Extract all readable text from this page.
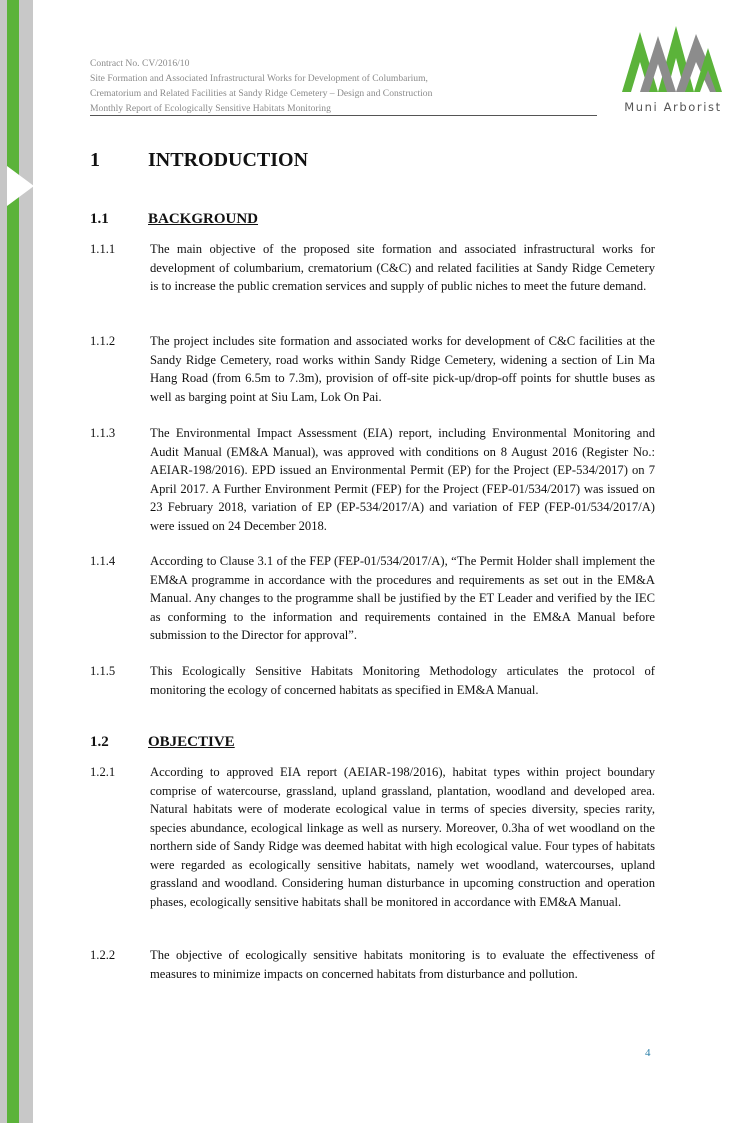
Contract No. CV/2016/10
Site Formation and Associated Infrastructural Works for Development of Columbarium,
Crematorium and Related Facilities at Sandy Ridge Cemetery – Design and Construction
Monthly Report of Ecologically Sensitive Habitats Monitoring	Muni Arborist
1 INTRODUCTION
1.1	BACKGROUND
1.1.1	The main objective of the proposed site formation and associated infrastructural works for development of columbarium, crematorium (C&C) and related facilities at Sandy Ridge Cemetery is to increase the public cremation services and supply of public niches to meet the future demand.
1.1.2	The project includes site formation and associated works for development of C&C facilities at the Sandy Ridge Cemetery, road works within Sandy Ridge Cemetery, widening a section of Lin Ma Hang Road (from 6.5m to 7.3m), provision of off-site pick-up/drop-off points for shuttle buses as well as barging point at Siu Lam, Lok On Pai.
1.1.3	The Environmental Impact Assessment (EIA) report, including Environmental Monitoring and Audit Manual (EM&A Manual), was approved with conditions on 8 August 2016 (Register No.: AEIAR-198/2016). EPD issued an Environmental Permit (EP) for the Project (EP-534/2017) on 7 April 2017. A Further Environment Permit (FEP) for the Project (FEP-01/534/2017) was issued on 23 February 2018, variation of EP (EP-534/2017/A) and variation of FEP (FEP-01/534/2017/A) were issued on 24 December 2018.
1.1.4	According to Clause 3.1 of the FEP (FEP-01/534/2017/A), “The Permit Holder shall implement the EM&A programme in accordance with the procedures and requirements as set out in the EM&A Manual. Any changes to the programme shall be justified by the ET Leader and verified by the IEC as conforming to the information and requirements contained in the EM&A Manual before submission to the Director for approval”.
1.1.5	This Ecologically Sensitive Habitats Monitoring Methodology articulates the protocol of monitoring the ecology of concerned habitats as specified in EM&A Manual.
1.2	OBJECTIVE
1.2.1	According to approved EIA report (AEIAR-198/2016), habitat types within project boundary comprise of watercourse, grassland, upland grassland, plantation, woodland and developed area. Natural habitats were of moderate ecological value in terms of species diversity, species rarity, species abundance, ecological linkage as well as nursery. Moreover, 0.3ha of wet woodland on the northern side of Sandy Ridge was deemed habitat with high ecological value. Four types of habitats were regarded as ecologically sensitive habitats, namely wet woodland, watercourses, upland grassland and woodland. Considering human disturbance in upcoming construction and operation phases, ecologically sensitive habitats shall be monitored in accordance with EM&A Manual.
1.2.2	The objective of ecologically sensitive habitats monitoring is to evaluate the effectiveness of measures to minimize impacts on concerned habitats from disturbance and pollution.
4
